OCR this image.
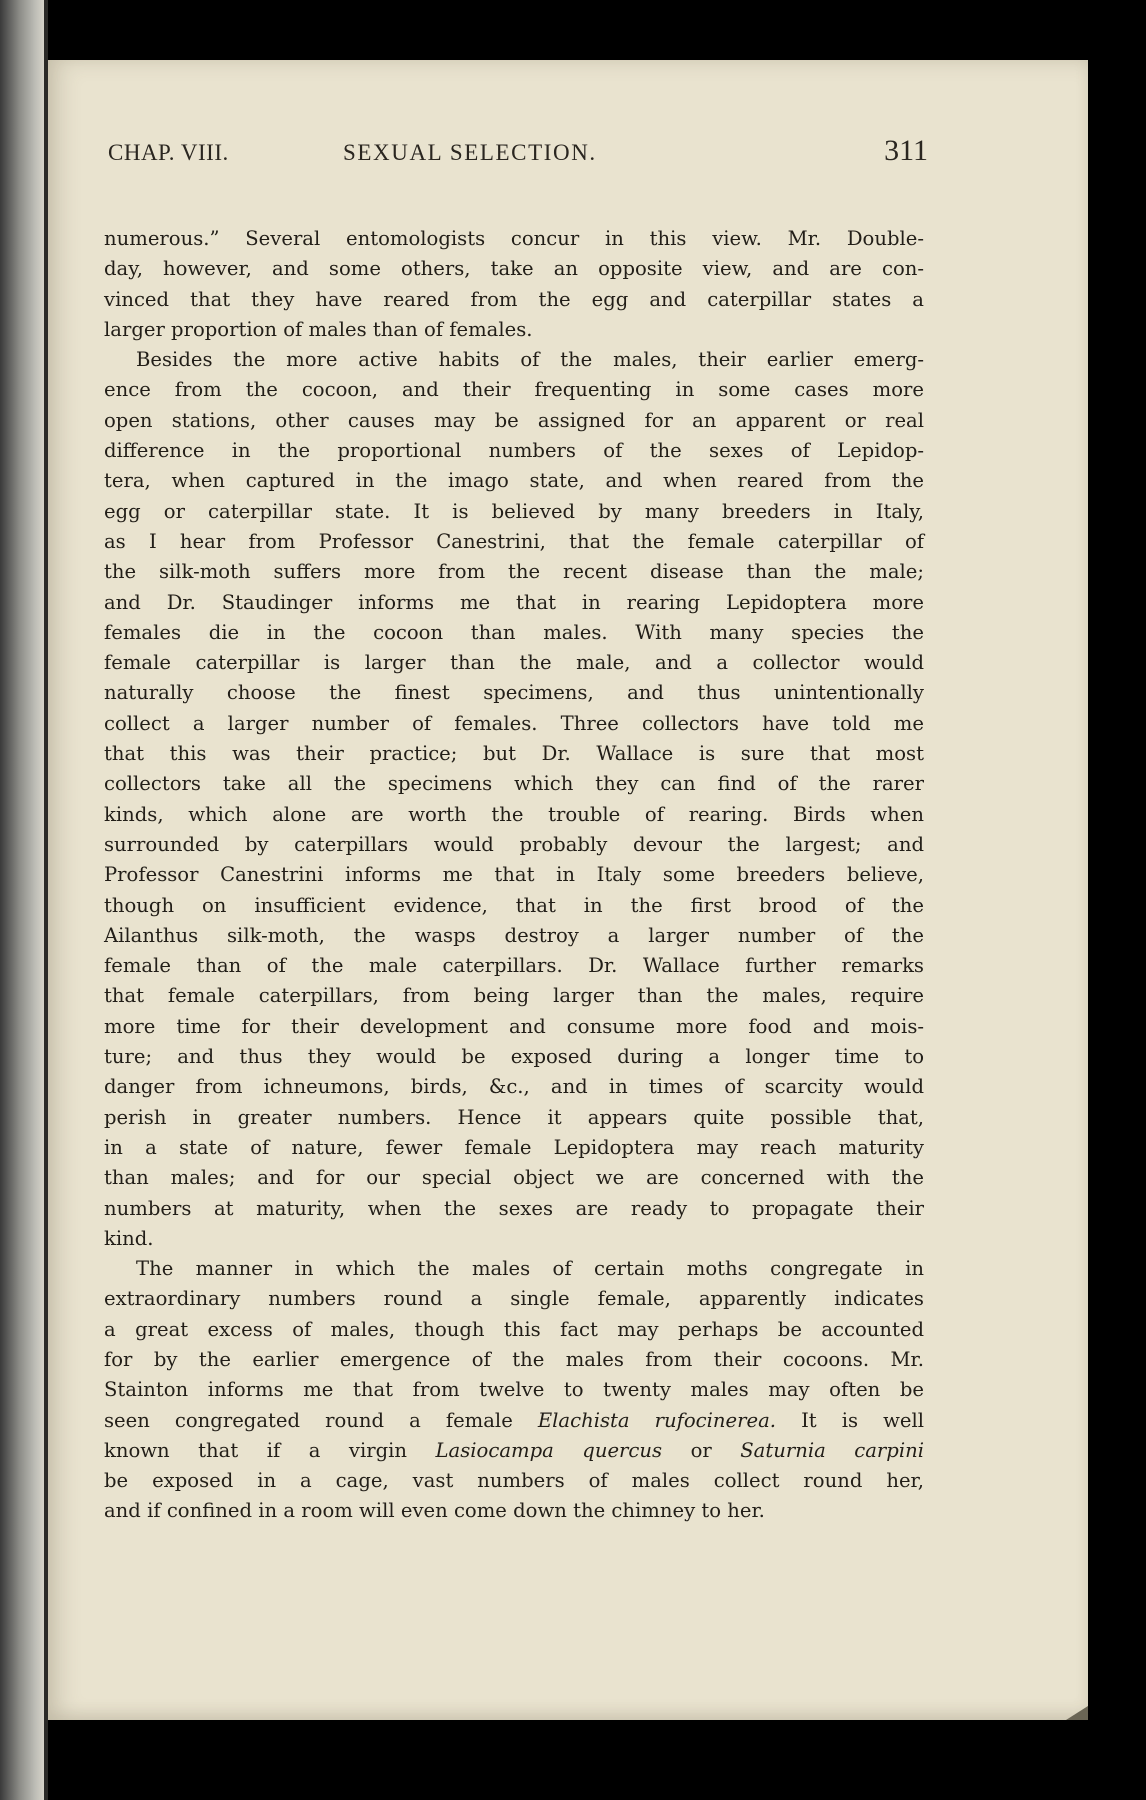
CHAP. VIII.	SEXUAL SELECTION.	311
numerous.” Several entomologists concur in this view. Mr. Double-
day, however, and some others, take an opposite view, and are con-
vinced that they have reared from the egg and caterpillar states a
larger proportion of males than of females.
Besides the more active habits of the males, their earlier emerg-
ence from the cocoon, and their frequenting in some cases more
open stations, other causes may be assigned for an apparent or real
difference in the proportional numbers of the sexes of Lepidop-
tera, when captured in the imago state, and when reared from the
egg or caterpillar state. It is believed by many breeders in Italy,
as I hear from Professor Canestrini, that the female caterpillar of
the silk-moth suffers more from the recent disease than the male;
and Dr. Staudinger informs me that in rearing Lepidoptera more
females die in the cocoon than males. With many species the
female caterpillar is larger than the male, and a collector would
naturally choose the finest specimens, and thus unintentionally
collect a larger number of females. Three collectors have told me
that this was their practice; but Dr. Wallace is sure that most
collectors take all the specimens which they can find of the rarer
kinds, which alone are worth the trouble of rearing. Birds when
surrounded by caterpillars would probably devour the largest; and
Professor Canestrini informs me that in Italy some breeders believe,
though on insufficient evidence, that in the first brood of the
Ailanthus silk-moth, the wasps destroy a larger number of the
female than of the male caterpillars. Dr. Wallace further remarks
that female caterpillars, from being larger than the males, require
more time for their development and consume more food and mois-
ture; and thus they would be exposed during a longer time to
danger from ichneumons, birds, &c., and in times of scarcity would
perish in greater numbers. Hence it appears quite possible that,
in a state of nature, fewer female Lepidoptera may reach maturity
than males; and for our special object we are concerned with the
numbers at maturity, when the sexes are ready to propagate their
kind.
The manner in which the males of certain moths congregate in
extraordinary numbers round a single female, apparently indicates
a great excess of males, though this fact may perhaps be accounted
for by the earlier emergence of the males from their cocoons. Mr.
Stainton informs me that from twelve to twenty males may often be
seen congregated round a female Elachista rufocinerea. It is well
known that if a virgin Lasiocampa quercus or Saturnia carpini
be exposed in a cage, vast numbers of males collect round her,
and if confined in a room will even come down the chimney to her.
